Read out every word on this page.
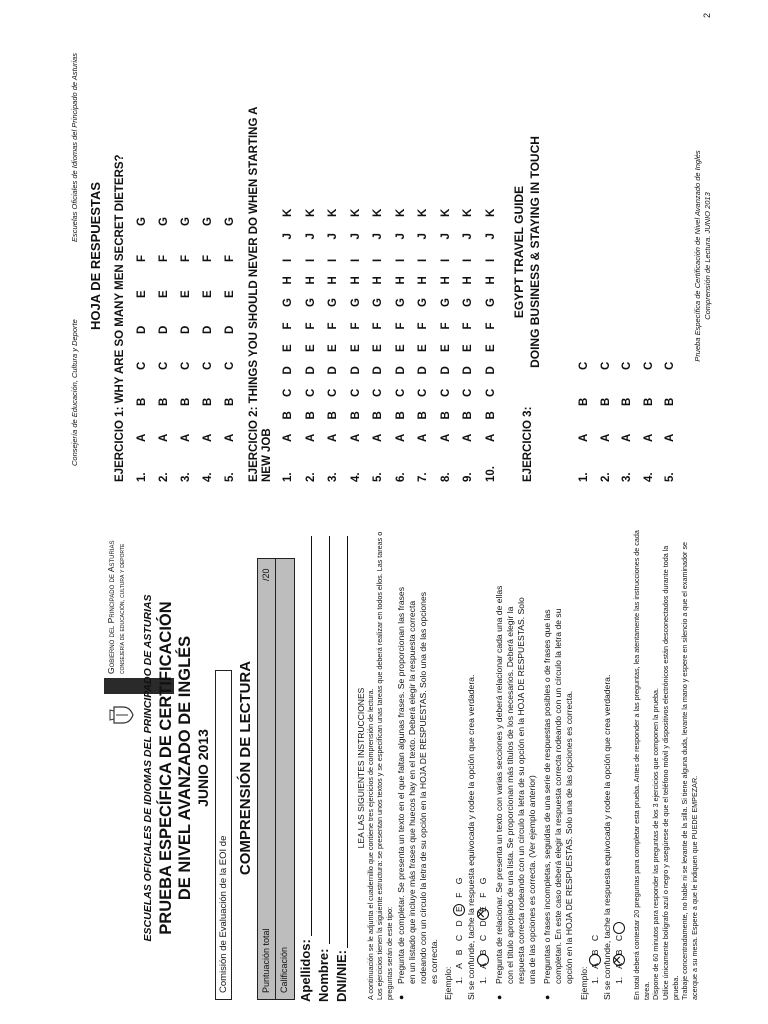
Gobierno del Principado de Asturias consejería de educación, cultura y deporte ESCUELAS OFICIALES DE IDIOMAS DEL PRINCIPADO DE ASTURIAS PRUEBA ESPECÍFICA DE CERTIFICACIÓN DE NIVEL AVANZADO DE INGLÉS JUNIO 2013
Comisión de Evaluación de la EOI de
COMPRENSIÓN DE LECTURA
Puntuación total
/20
Calificación Apellidos: Nombre: DNI/NIE:
LEA LAS SIGUIENTES INSTRUCCIONES A continuación se le adjunta el cuadernillo que contiene tres ejercicios de comprensión de lectura. Los ejercicios tienen la siguiente estructura: se presentan unos textos y se especifican unas tareas que deberá realizar en todos ellos. Las tareas o preguntas serán de este tipo: ●
Pregunta de completar. Se presenta un texto en el que faltan algunas frases. Se proporcionan las frases en un listado que incluye más frases que huecos hay en el texto. Deberá elegir la respuesta correcta rodeando con un círculo la letra de su opción en la HOJA DE RESPUESTAS. Solo una de las opciones es correcta. Ejemplo: 1. A B C D E F G Si se confunde, tache la respuesta equivocada y rodee la opción que crea verdadera. 1. A B C D E F G
✕
●
Pregunta de relacionar. Se presenta un texto con varias secciones y deberá relacionar cada una de ellas con el título apropiado de una lista. Se proporcionan más títulos de los necesarios. Deberá elegir la respuesta correcta rodeando con un círculo la letra de su opción en la HOJA DE RESPUESTAS. Solo una de las opciones es correcta. (Ver ejemplo anterior)
●
Preguntas o frases incompletas, seguidas de una serie de respuestas posibles o de frases que las completan. En este caso deberá elegir la respuesta correcta rodeando con un círculo la letra de su opción en la HOJA DE RESPUESTAS. Solo una de las opciones es correcta. Ejemplo: 1. A B C Si se confunde, tache la respuesta equivocada y rodee la opción que crea verdadera. 1. A B C
✕ En total deberá contestar 20 preguntas para completar esta prueba. Antes de responder a las preguntas, lea atentamente las instrucciones de cada tarea. Dispone de 60 minutos para responder las preguntas de los 3 ejercicios que componen la prueba. Utilice únicamente bolígrafo azul o negro y asegúrese de que el teléfono móvil y dispositivos electrónicos están desconectados durante toda la prueba. Trabaje concentradamente, no hable ni se levante de la silla. Si tiene alguna duda, levante la mano y espere en silencio a que el examinador se acerque a su mesa. Espere a que le indiquen que PUEDE EMPEZAR.
Consejería de Educación, Cultura y Deporte
Escuelas Oficiales de Idiomas del Principado de Asturias
HOJA DE RESPUESTAS EJERCICIO 1: WHY ARE SO MANY MEN SECRET DIETERS? 1.
A
B
C
D
E
F
G
2.
A
B
C
D
E
F
G
3.
A
B
C
D
E
F
G
4.
A
B
C
D
E
F
G
5.
A
B
C
D
E
F
G EJERCICIO 2: THINGS YOU SHOULD NEVER DO WHEN STARTING A NEW JOB 1.
A
B
C
D
E
F
G
H
I
J
K
2.
A
B
C
D
E
F
G
H
I
J
K
3.
A
B
C
D
E
F
G
H
I
J
K
4.
A
B
C
D
E
F
G
H
I
J
K
5.
A
B
C
D
E
F
G
H
I
J
K
6.
A
B
C
D
E
F
G
H
I
J
K
7.
A
B
C
D
E
F
G
H
I
J
K
8.
A
B
C
D
E
F
G
H
I
J
K
9.
A
B
C
D
E
F
G
H
I
J
K
10.
A
B
C
D
E
F
G
H
I
J
K
EJERCICIO 3:
EGYPT TRAVEL GUIDE DOING BUSINESS & STAYING IN TOUCH
1.
A
B
C
2.
A
B
C
3.
A
B
C
4.
A
B
C
5.
A
B
C
Prueba Específica de Certificación de Nivel Avanzado de Inglés Comprensión de Lectura. JUNIO 2013
2
